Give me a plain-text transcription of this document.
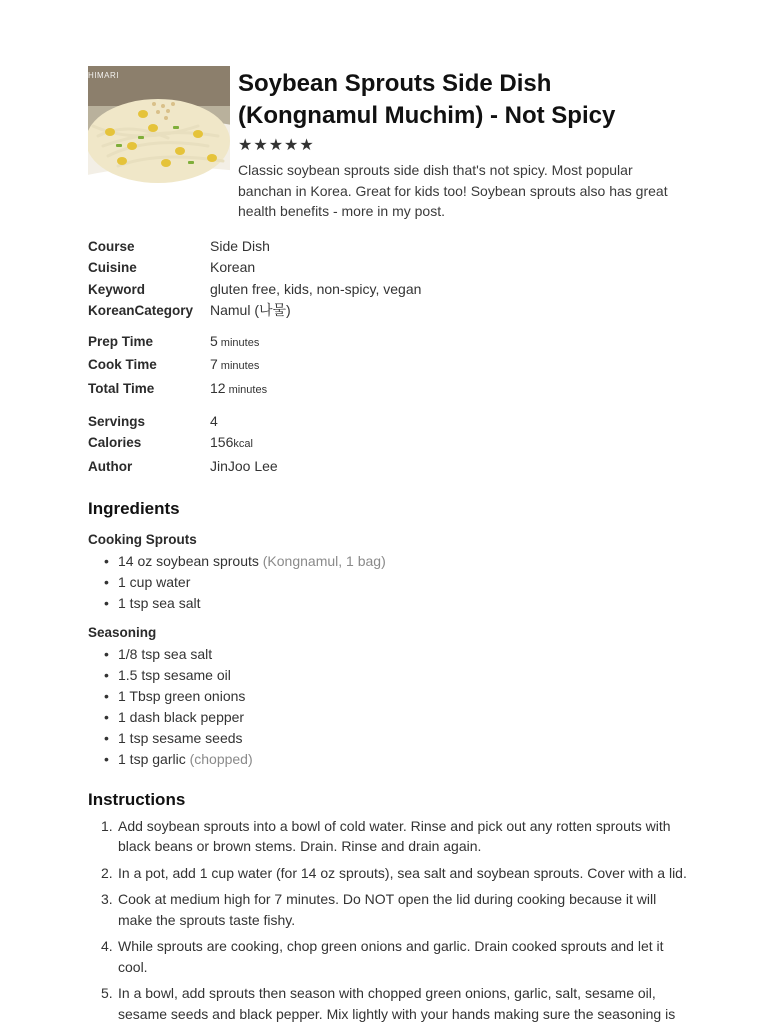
HIMARI	Soybean Sprouts Side Dish (Kongnamul Muchim) - Not Spicy
★ ★ ★ ★ ★
Classic soybean sprouts side dish that's not spicy. Most popular banchan in Korea. Great for kids too! Soybean sprouts also has great health benefits - more in my post.
Course	Side Dish
Cuisine	Korean
Keyword	gluten free, kids, non-spicy, vegan
KoreanCategory	Namul (나물)
Prep Time	5 minutes
Cook Time	7 minutes
Total Time	12 minutes
Servings	4
Calories	156kcal
Author	JinJoo Lee
Ingredients
Cooking Sprouts
• 14 oz soybean sprouts (Kongnamul, 1 bag)
• 1 cup water
• 1 tsp sea salt
Seasoning
• 1/8 tsp sea salt
• 1.5 tsp sesame oil
• 1 Tbsp green onions
• 1 dash black pepper
• 1 tsp sesame seeds
• 1 tsp garlic (chopped)
Instructions
1. Add soybean sprouts into a bowl of cold water. Rinse and pick out any rotten sprouts with black beans or brown stems. Drain. Rinse and drain again.
2. In a pot, add 1 cup water (for 14 oz sprouts), sea salt and soybean sprouts. Cover with a lid.
3. Cook at medium high for 7 minutes. Do NOT open the lid during cooking because it will make the sprouts taste fishy.
4. While sprouts are cooking, chop green onions and garlic. Drain cooked sprouts and let it cool.
5. In a bowl, add sprouts then season with chopped green onions, garlic, salt, sesame oil, sesame seeds and black pepper. Mix lightly with your hands making sure the seasoning is
